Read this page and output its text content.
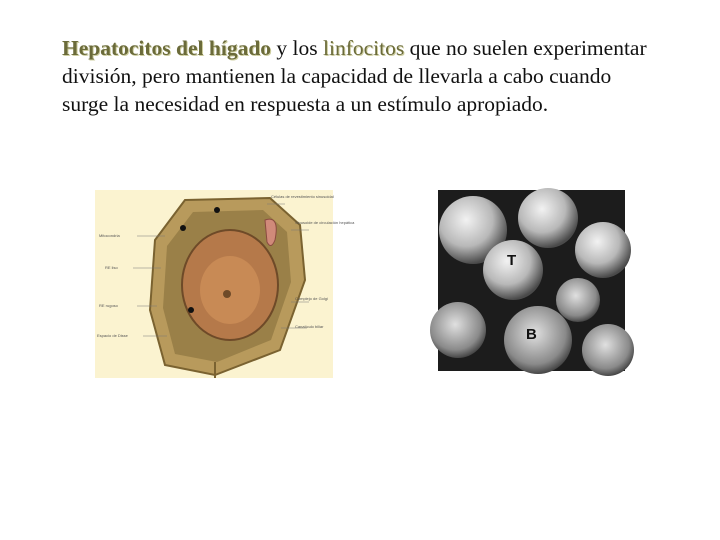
Hepatocitos del hígado y los linfocitos que no suelen experimentar división, pero mantienen la capacidad de llevarla a cabo cuando surge la necesidad en respuesta a un estímulo apropiado.
Mitocondria
RE liso
RE rugoso
Espacio de Disse
Células de revestimiento sinusoidal
Sinusoide de circulación hepática
Complejo de Golgi
Canalículo biliar
T
B
